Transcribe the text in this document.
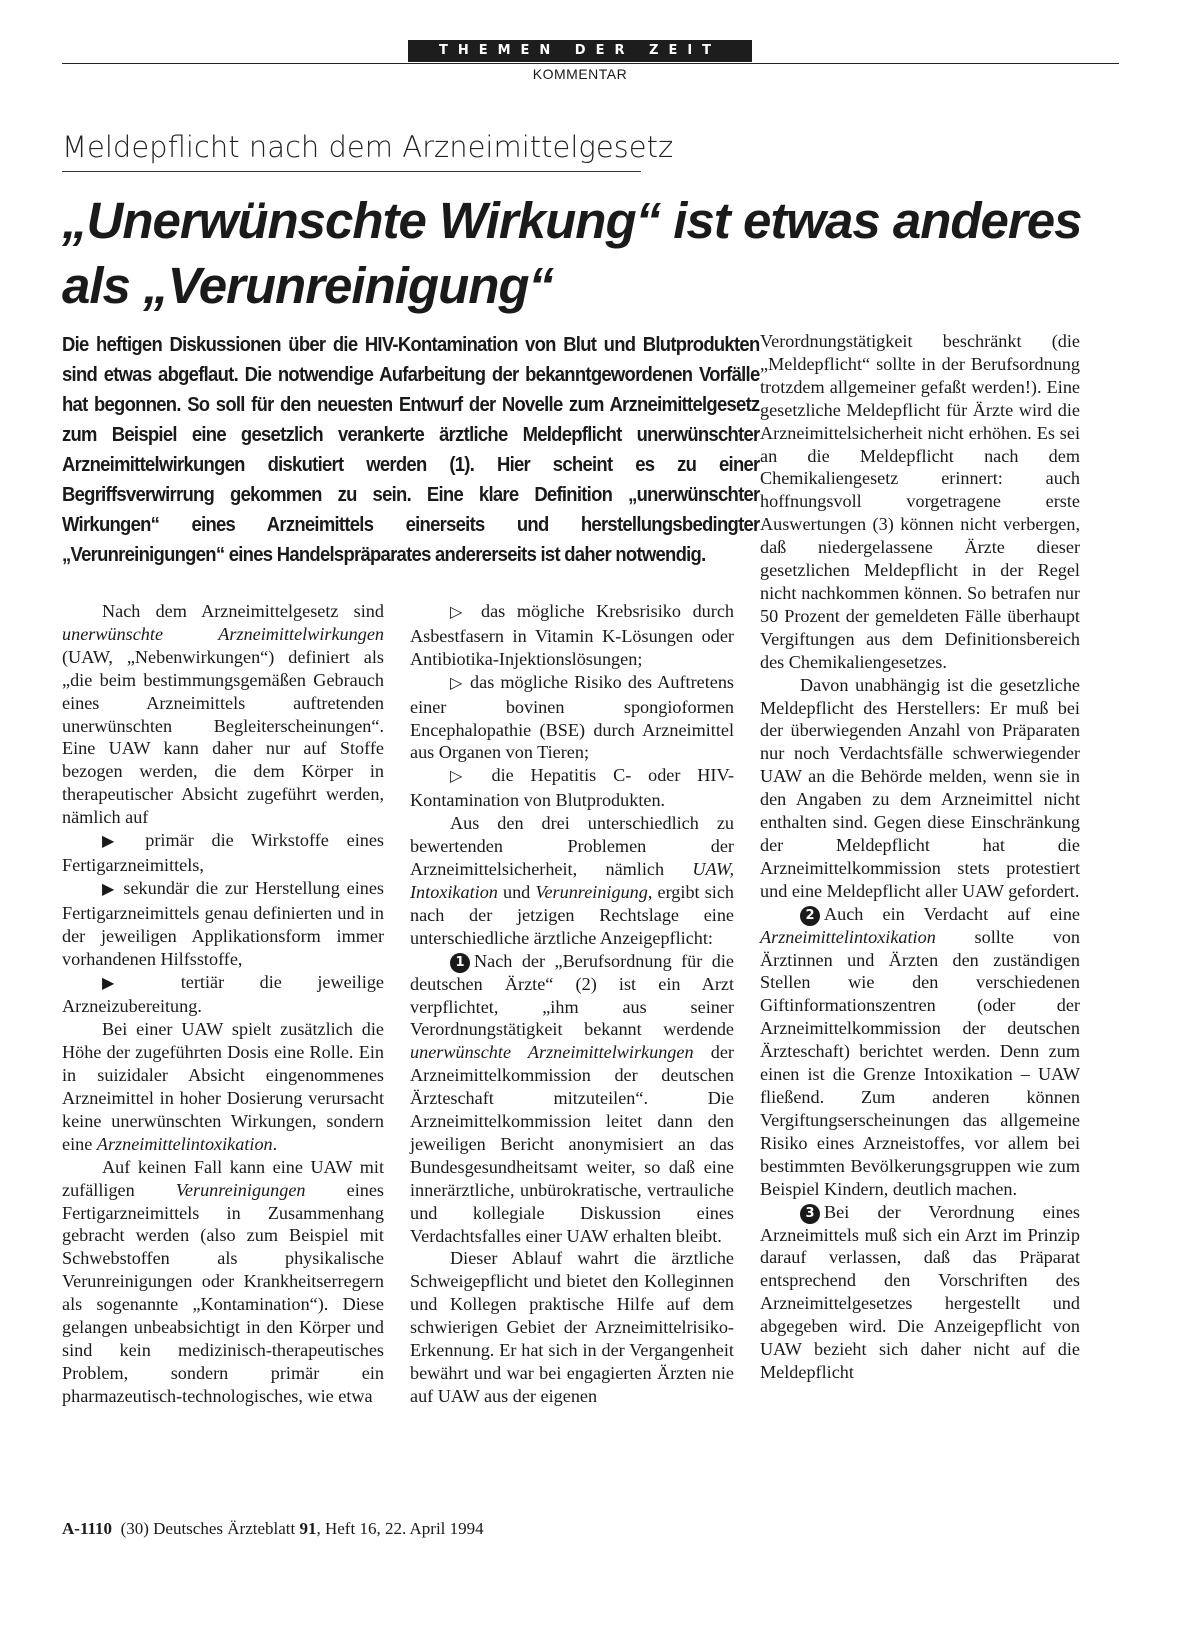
THEMEN DER ZEIT
KOMMENTAR
Meldepflicht nach dem Arzneimittelgesetz
„Unerwünschte Wirkung“ ist etwas anderes als „Verunreinigung“
Die heftigen Diskussionen über die HIV-Kontamination von Blut und Blutprodukten sind etwas abgeflaut. Die notwendige Aufarbeitung der bekanntgewordenen Vorfälle hat begonnen. So soll für den neuesten Entwurf der Novelle zum Arzneimittelgesetz zum Beispiel eine gesetzlich verankerte ärztliche Meldepflicht unerwünschter Arzneimittelwirkungen diskutiert werden (1). Hier scheint es zu einer Begriffsverwirrung gekommen zu sein. Eine klare Definition „unerwünschter Wirkungen“ eines Arzneimittels einerseits und herstellungsbedingter „Verunreinigungen“ eines Handelspräparates andererseits ist daher notwendig.

Nach dem Arzneimittelgesetz sind unerwünschte Arzneimittelwirkungen (UAW, „Nebenwirkungen“) definiert als „die beim bestimmungsgemäßen Gebrauch eines Arzneimittels auftretenden unerwünschten Begleiterscheinungen“. Eine UAW kann daher nur auf Stoffe bezogen werden, die dem Körper in therapeutischer Absicht zugeführt werden, nämlich auf

▶ primär die Wirkstoffe eines Fertigarzneimittels,

▶ sekundär die zur Herstellung eines Fertigarzneimittels genau definierten und in der jeweiligen Applikationsform immer vorhandenen Hilfsstoffe,

▶ tertiär die jeweilige Arzneizubereitung.

Bei einer UAW spielt zusätzlich die Höhe der zugeführten Dosis eine Rolle. Ein in suizidaler Absicht eingenommenes Arzneimittel in hoher Dosierung verursacht keine unerwünschten Wirkungen, sondern eine Arzneimittelintoxikation.

Auf keinen Fall kann eine UAW mit zufälligen Verunreinigungen eines Fertigarzneimittels in Zusammenhang gebracht werden (also zum Beispiel mit Schwebstoffen als physikalische Verunreinigungen oder Krankheitserregern als sogenannte „Kontamination“). Diese gelangen unbeabsichtigt in den Körper und sind kein medizinisch-therapeutisches Problem, sondern primär ein pharmazeutisch-technologisches, wie etwa

▷ das mögliche Krebsrisiko durch Asbestfasern in Vitamin K-Lösungen oder Antibiotika-Injektionslösungen;

▷ das mögliche Risiko des Auftretens einer bovinen spongioformen Encephalopathie (BSE) durch Arzneimittel aus Organen von Tieren;

▷ die Hepatitis C- oder HIV-Kontamination von Blutprodukten.

Aus den drei unterschiedlich zu bewertenden Problemen der Arzneimittelsicherheit, nämlich UAW, Intoxikation und Verunreinigung, ergibt sich nach der jetzigen Rechtslage eine unterschiedliche ärztliche Anzeigepflicht:

1 Nach der „Berufsordnung für die deutschen Ärzte“ (2) ist ein Arzt verpflichtet, „ihm aus seiner Verordnungstätigkeit bekannt werdende unerwünschte Arzneimittelwirkungen der Arzneimittelkommission der deutschen Ärzteschaft mitzuteilen“. Die Arzneimittelkommission leitet dann den jeweiligen Bericht anonymisiert an das Bundesgesundheitsamt weiter, so daß eine innerärztliche, unbürokratische, vertrauliche und kollegiale Diskussion eines Verdachtsfalles einer UAW erhalten bleibt.

Dieser Ablauf wahrt die ärztliche Schweigepflicht und bietet den Kolleginnen und Kollegen praktische Hilfe auf dem schwierigen Gebiet der Arzneimittelrisiko-Erkennung. Er hat sich in der Vergangenheit bewährt und war bei engagierten Ärzten nie auf UAW aus der eigenen

Verordnungstätigkeit beschränkt (die „Meldepflicht“ sollte in der Berufsordnung trotzdem allgemeiner gefaßt werden!). Eine gesetzliche Meldepflicht für Ärzte wird die Arzneimittelsicherheit nicht erhöhen. Es sei an die Meldepflicht nach dem Chemikaliengesetz erinnert: auch hoffnungsvoll vorgetragene erste Auswertungen (3) können nicht verbergen, daß niedergelassene Ärzte dieser gesetzlichen Meldepflicht in der Regel nicht nachkommen können. So betrafen nur 50 Prozent der gemeldeten Fälle überhaupt Vergiftungen aus dem Definitionsbereich des Chemikaliengesetzes.

Davon unabhängig ist die gesetzliche Meldepflicht des Herstellers: Er muß bei der überwiegenden Anzahl von Präparaten nur noch Verdachtsfälle schwerwiegender UAW an die Behörde melden, wenn sie in den Angaben zu dem Arzneimittel nicht enthalten sind. Gegen diese Einschränkung der Meldepflicht hat die Arzneimittelkommission stets protestiert und eine Meldepflicht aller UAW gefordert.

2 Auch ein Verdacht auf eine Arzneimittelintoxikation sollte von Ärztinnen und Ärzten den zuständigen Stellen wie den verschiedenen Giftinformationszentren (oder der Arzneimittelkommission der deutschen Ärzteschaft) berichtet werden. Denn zum einen ist die Grenze Intoxikation – UAW fließend. Zum anderen können Vergiftungserscheinungen das allgemeine Risiko eines Arzneistoffes, vor allem bei bestimmten Bevölkerungsgruppen wie zum Beispiel Kindern, deutlich machen.

3 Bei der Verordnung eines Arzneimittels muß sich ein Arzt im Prinzip darauf verlassen, daß das Präparat entsprechend den Vorschriften des Arzneimittelgesetzes hergestellt und abgegeben wird. Die Anzeigepflicht von UAW bezieht sich daher nicht auf die Meldepflicht

A-1110 (30) Deutsches Ärzteblatt 91, Heft 16, 22. April 1994
